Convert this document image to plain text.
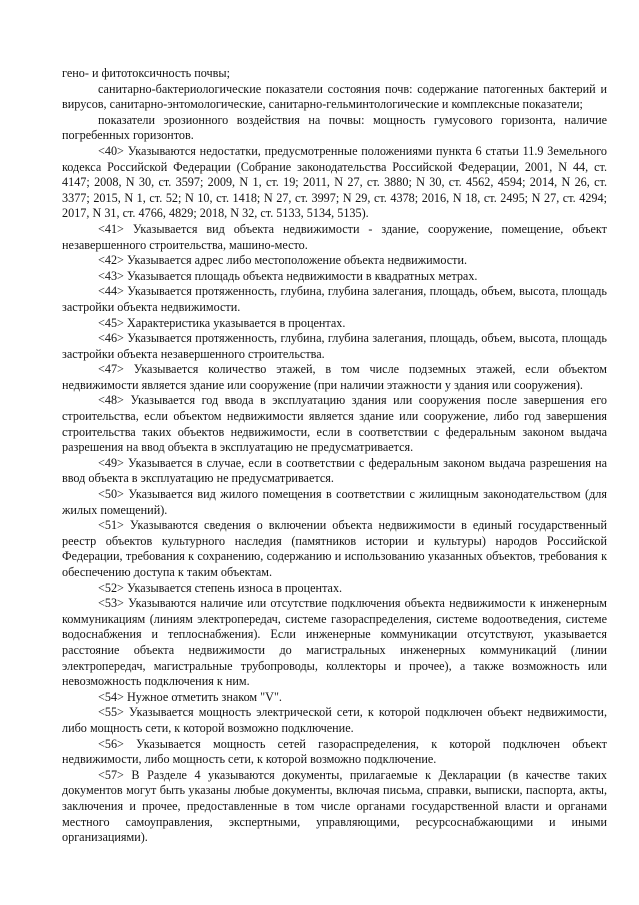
гено- и фитотоксичность почвы;

санитарно-бактериологические показатели состояния почв: содержание патогенных бактерий и вирусов, санитарно-энтомологические, санитарно-гельминтологические и комплексные показатели;

показатели эрозионного воздействия на почвы: мощность гумусового горизонта, наличие погребенных горизонтов.

<40> Указываются недостатки, предусмотренные положениями пункта 6 статьи 11.9 Земельного кодекса Российской Федерации (Собрание законодательства Российской Федерации, 2001, N 44, ст. 4147; 2008, N 30, ст. 3597; 2009, N 1, ст. 19; 2011, N 27, ст. 3880; N 30, ст. 4562, 4594; 2014, N 26, ст. 3377; 2015, N 1, ст. 52; N 10, ст. 1418; N 27, ст. 3997; N 29, ст. 4378; 2016, N 18, ст. 2495; N 27, ст. 4294; 2017, N 31, ст. 4766, 4829; 2018, N 32, ст. 5133, 5134, 5135).

<41> Указывается вид объекта недвижимости - здание, сооружение, помещение, объект незавершенного строительства, машино-место.

<42> Указывается адрес либо местоположение объекта недвижимости.

<43> Указывается площадь объекта недвижимости в квадратных метрах.

<44> Указывается протяженность, глубина, глубина залегания, площадь, объем, высота, площадь застройки объекта недвижимости.

<45> Характеристика указывается в процентах.

<46> Указывается протяженность, глубина, глубина залегания, площадь, объем, высота, площадь застройки объекта незавершенного строительства.

<47> Указывается количество этажей, в том числе подземных этажей, если объектом недвижимости является здание или сооружение (при наличии этажности у здания или сооружения).

<48> Указывается год ввода в эксплуатацию здания или сооружения после завершения его строительства, если объектом недвижимости является здание или сооружение, либо год завершения строительства таких объектов недвижимости, если в соответствии с федеральным законом выдача разрешения на ввод объекта в эксплуатацию не предусматривается.

<49> Указывается в случае, если в соответствии с федеральным законом выдача разрешения на ввод объекта в эксплуатацию не предусматривается.

<50> Указывается вид жилого помещения в соответствии с жилищным законодательством (для жилых помещений).

<51> Указываются сведения о включении объекта недвижимости в единый государственный реестр объектов культурного наследия (памятников истории и культуры) народов Российской Федерации, требования к сохранению, содержанию и использованию указанных объектов, требования к обеспечению доступа к таким объектам.

<52> Указывается степень износа в процентах.

<53> Указываются наличие или отсутствие подключения объекта недвижимости к инженерным коммуникациям (линиям электропередач, системе газораспределения, системе водоотведения, системе водоснабжения и теплоснабжения). Если инженерные коммуникации отсутствуют, указывается расстояние объекта недвижимости до магистральных инженерных коммуникаций (линии электропередач, магистральные трубопроводы, коллекторы и прочее), а также возможность или невозможность подключения к ним.

<54> Нужное отметить знаком "V".

<55> Указывается мощность электрической сети, к которой подключен объект недвижимости, либо мощность сети, к которой возможно подключение.

<56> Указывается мощность сетей газораспределения, к которой подключен объект недвижимости, либо мощность сети, к которой возможно подключение.

<57> В Разделе 4 указываются документы, прилагаемые к Декларации (в качестве таких документов могут быть указаны любые документы, включая письма, справки, выписки, паспорта, акты, заключения и прочее, предоставленные в том числе органами государственной власти и органами местного самоуправления, экспертными, управляющими, ресурсоснабжающими и иными организациями).
